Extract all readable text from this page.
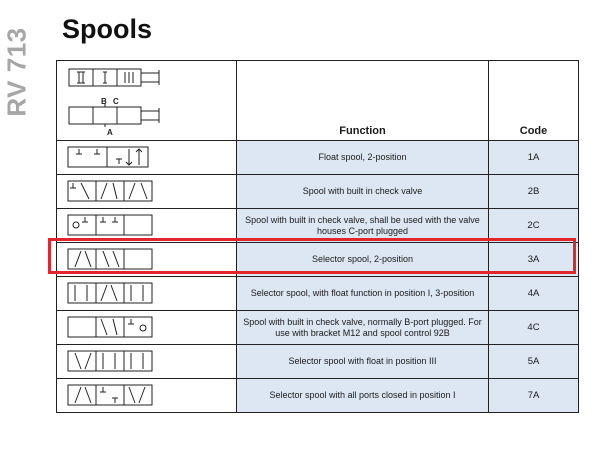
RV 713 Spools
B C
A	Function	Code

	Float spool, 2-position	1A

	Spool with built in check valve	2B

	Spool with built in check valve, shall be used with the valve houses C-port plugged	2C

	Selector spool, 2-position	3A

	Selector spool, with float function in position I, 3-position	4A

	Spool with built in check valve, normally B-port plugged. For use with bracket M12 and spool control 92B	4C

	Selector spool with float in position III	5A

	Selector spool with all ports closed in position I	7A
